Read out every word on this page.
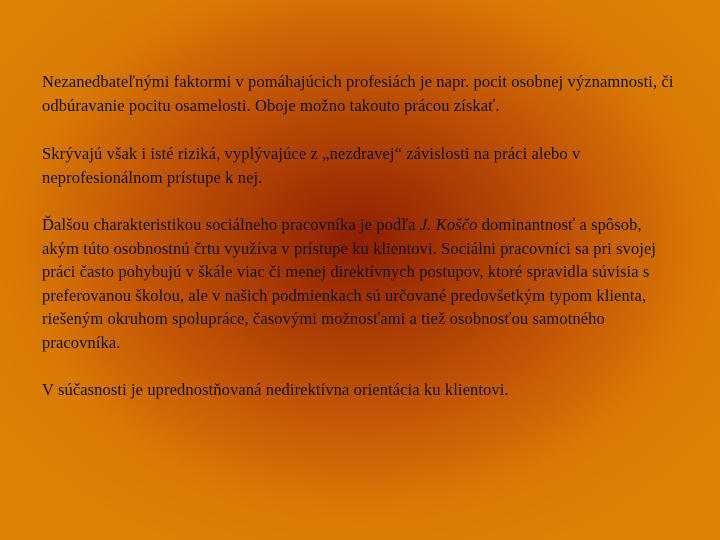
Nezanedbateľnými faktormi v pomáhajúcich profesiách je napr. pocit osobnej významnosti, či odbúravanie pocitu osamelosti. Oboje možno takouto prácou získať.

Skrývajú však i isté riziká, vyplývajúce z „nezdravej“ závislosti na práci alebo v neprofesionálnom prístupe k nej.

Ďalšou charakteristikou sociálneho pracovníka je podľa J. Koščo dominantnosť a spôsob, akým túto osobnostnú črtu využíva v prístupe ku klientovi. Sociálni pracovníci sa pri svojej práci často pohybujú v škále viac či menej direktívnych postupov, ktoré spravidla súvisia s preferovanou školou, ale v našich podmienkach sú určované predovšetkým typom klienta, riešeným okruhom spolupráce, časovými možnosťami a tiež osobnosťou samotného pracovníka.

V súčasnosti je uprednostňovaná nedirektívna orientácia ku klientovi.
